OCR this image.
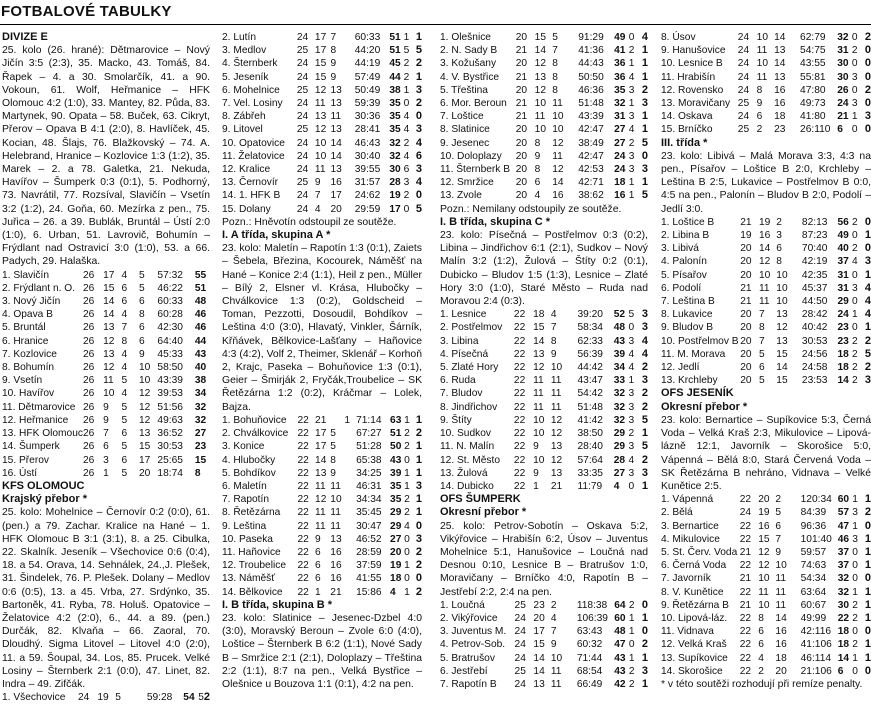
FOTBALOVÉ TABULKY
DIVIZE E
25. kolo (26. hrané): Dětmarovice – Nový Jičín 3:5 (2:3), 35. Macko, 43. Tomáš, 84. Řapek – 4. a 30. Smolarčík, 41. a 90. Vokoun, 61. Wolf, Heřmanice – HFK Olomouc 4:2 (1:0), 33. Mantey, 82. Půda, 83. Martynek, 90. Opata – 58. Buček, 63. Cikryt, Přerov – Opava B 4:1 (2:0), 8. Havlíček, 45. Kocian, 48. Šlajs, 76. Blažkovský – 74. A. Helebrand, Hranice – Kozlovice 1:3 (1:2), 35. Marek – 2. a 78. Galetka, 21. Nekuda, Havířov – Šumperk 0:3 (0:1), 5. Podhorný, 73. Navrátil, 77. Rozsíval, Slavičín – Vsetín 3:2 (1:2), 24. Goňa, 60. Mezírka z pen., 75. Juřica – 26. a 39. Bublák, Bruntál – Ústí 2:0 (1:0), 6. Urban, 51. Lavrovič, Bohumín – Frýdlant nad Ostravicí 3:0 (1:0), 53. a 66. Padych, 29. Halaška.
1. Slavičín	26	17	4	5	57:32	55
2. Frýdlant n. O.	26	15	6	5	46:22	51
3. Nový Jičín	26	14	6	6	60:33	48
4. Opava B	26	14	4	8	60:28	46
5. Bruntál	26	13	7	6	42:30	46
6. Hranice	26	12	8	6	64:40	44
7. Kozlovice	26	13	4	9	45:33	43
8. Bohumín	26	12	4	10	58:50	40
9. Vsetín	26	11	5	10	43:39	38
10. Havířov	26	10	4	12	39:53	34
11. Dětmarovice	26	9	5	12	51:56	32
12. Heřmanice	26	9	5	12	49:63	32
13. HFK Olomouc	26	7	6	13	36:52	27
14. Šumperk	26	6	5	15	30:53	23
15. Přerov	26	3	6	17	25:65	15
16. Ústí	26	1	5	20	18:74	8
KFS OLOMOUC
Krajský přebor *
25. kolo: Mohelnice – Černovír 0:2 (0:0), 61. (pen.) a 79. Zachar. Kralice na Hané – 1. HFK Olomouc B 3:1 (3:1), 8. a 25. Cibulka, 22. Skalník. Jeseník – Všechovice 0:6 (0:4), 18. a 54. Orava, 14. Sehnálek, 24.,J. Plešek, 31. Šindelek, 76. P. Plešek. Dolany – Medlov 0:6 (0:5), 13. a 45. Vrba, 27. Srdýnko, 35. Bartoněk, 41. Ryba, 78. Holuš. Opatovice – Želatovice 4:2 (2:0), 6., 44. a 89. (pen.) Durčák, 82. Klvaňa – 66. Zaoral, 70. Dloudhý. Sigma Litovel – Litovel 4:0 (2:0), 11. a 59. Šoupal, 34. Los, 85. Prucek. Velké Losiny – Šternberk 2:1 (0:0), 47. Linet, 82. Indra – 49. Zifčák.
1. Všechovice	24	19	5		59:28	54	5	2
2. Lutín	24	17	7		60:33	51	1	1
3. Medlov	25	17	8		44:20	51	5	5
4. Šternberk	24	15	9		44:19	45	2	2
5. Jeseník	24	15	9		57:49	44	2	1
6. Mohelnice	25	12	13		50:49	38	1	3
7. Vel. Losiny	24	11	13		59:39	35	0	2
8. Zábřeh	24	13	11		30:36	35	4	0
9. Litovel	25	12	13		28:41	35	4	3
10. Opatovice	24	10	14		46:43	32	2	4
11. Želatovice	24	10	14		30:40	32	4	6
12. Kralice	24	11	13		39:55	30	6	3
13. Černovír	25	9	16		31:57	28	3	4
14. 1. HFK B	24	7	17		24:62	19	2	0
15. Dolany	24	4	20		29:59	17	0	5
Pozn.: Hněvotín odstoupil ze soutěže.
I. A třída, skupina A *
23. kolo: Maletín – Rapotín 1:3 (0:1), Zaiets – Šebela, Březina, Kocourek, Náměšť na Hané – Konice 2:4 (1:1), Heil z pen., Müller – Bílý 2, Elsner vl. Krása, Hlubočky – Chválkovice 1:3 (0:2), Goldscheid – Toman, Pezzotti, Dosoudil, Bohdíkov – Leština 4:0 (3:0), Hlavatý, Vinkler, Šárník, Křňávek, Bělkovice-Lašťany – Hañovice 4:3 (4:2), Volf 2, Theimer, Sklenář – Korhoň 2, Krajc, Paseka – Bohuňovice 1:3 (0:1), Geier – Šmirják 2, Fryčák,Troubelice – SK Řetězárna 1:2 (0:2), Kráčmar – Lolek, Bajza.
1. Bohuňovice	22	21		1	71:14	63	1	1
2. Chválkovice	22	17	5		67:27	51	2	2
3. Konice	22	17	5		51:28	50	2	1
4. Hlubočky	22	14	8		65:38	43	0	1
5. Bohdíkov	22	13	9		34:25	39	1	1
6. Maletín	22	11	11		46:31	35	1	3
7. Rapotín	22	12	10		34:34	35	2	1
8. Řetězárna	22	11	11		35:45	29	2	1
9. Leština	22	11	11		30:47	29	4	0
10. Paseka	22	9	13		46:52	27	0	3
11. Hañovice	22	6	16		28:59	20	0	2
12. Troubelice	22	6	16		37:59	19	1	2
13. Náměšť	22	6	16		41:55	18	0	0
14. Bělkovice	22	1	21		15:86	4	1	2
I. B třída, skupina B *
23. kolo: Slatinice – Jesenec-Dzbel 4:0 (3:0), Moravský Beroun – Zvole 6:0 (4:0), Loštice – Šternberk B 6:2 (1:1), Nové Sady B – Smržice 2:1 (2:1), Doloplazy – Třeština 2:2 (1:1), 8:7 na pen., Velká Bystřice – Olešnice u Bouzova 1:1 (0:1), 4:2 na pen.
1. Olešnice	20	15	5		91:29	49	0	4
2. N. Sady B	21	14	7		41:36	41	2	1
3. Kožušany	20	12	8		44:43	36	1	1
4. V. Bystřice	21	13	8		50:50	36	4	1
5. Třeština	20	12	8		46:36	35	3	2
6. Mor. Beroun	21	10	11		51:48	32	1	3
7. Loštice	21	11	10		43:39	31	3	1
8. Slatinice	20	10	10		42:47	27	4	1
9. Jesenec	20	8	12		38:49	27	2	5
10. Doloplazy	20	9	11		42:47	24	3	0
11. Šternberk B	20	8	12		42:53	24	3	3
12. Smržice	20	6	14		42:71	18	1	1
13. Zvole	20	4	16		38:62	16	1	5
Pozn.: Nemilany odstoupily ze soutěže.
I. B třída, skupina C *
23. kolo: Písečná – Postřelmov 0:3 (0:2), Libina – Jindřichov 6:1 (2:1), Sudkov – Nový Malín 3:2 (1:2), Žulová – Štíty 0:2 (0:1), Dubicko – Bludov 1:5 (1:3), Lesnice – Zlaté Hory 3:0 (1:0), Staré Město – Ruda nad Moravou 2:4 (0:3).
1. Lesnice	22	18	4		39:20	52	5	3
2. Postřelmov	22	15	7		58:34	48	0	3
3. Libina	22	14	8		62:33	43	3	4
4. Písečná	22	13	9		56:39	39	4	4
5. Zlaté Hory	22	12	10		44:42	34	4	2
6. Ruda	22	11	11		43:47	33	1	3
7. Bludov	22	11	11		54:42	32	3	2
8. Jindřichov	22	11	11		51:48	32	3	2
9. Štíty	22	10	12		41:42	32	3	5
10. Sudkov	22	10	12		38:50	29	2	1
11. N. Malín	22	9	13		28:40	29	3	5
12. St. Město	22	10	12		57:64	28	4	2
13. Žulová	22	9	13		33:35	27	3	3
14. Dubicko	22	1	21		11:79	4	0	1
OFS ŠUMPERK
Okresní přebor *
25. kolo: Petrov-Sobotín – Oskava 5:2, Vikýřovice – Hrabišín 6:2, Úsov – Juventus Mohelnice 5:1, Hanušovice – Loučná nad Desnou 0:10, Lesnice B – Bratrušov 1:0, Moravičany – Brníčko 4:0, Rapotín B – Jestřebí 2:2, 2:4 na pen.
1. Loučná	25	23	2		118:38	64	2	0
2. Vikýřovice	24	20	4		106:39	60	1	1
3. Juventus M.	24	17	7		63:43	48	1	0
4. Petrov-Sob.	24	15	9		60:32	47	0	2
5. Bratrušov	24	14	10		71:44	43	1	1
6. Jestřebí	25	14	11		68:54	43	2	3
7. Rapotín B	24	13	11		66:49	42	2	1
8. Úsov	24	10	14		62:79	32	0	2
9. Hanušovice	24	11	13		54:75	31	2	0
10. Lesnice B	24	10	14		43:55	30	0	0
11. Hrabišín	24	11	13		55:81	30	3	0
12. Rovensko	24	8	16		47:80	26	0	2
13. Moravičany	25	9	16		49:73	24	3	0
14. Oskava	24	6	18		41:80	21	1	3
15. Brníčko	25	2	23		26:110	6	0	0
III. třída *
23. kolo: Libivá – Malá Morava 3:3, 4:3 na pen., Písařov – Loštice B 2:0, Krchleby – Leština B 2:5, Lukavice – Postřelmov B 0:0, 4:5 na pen., Palonín – Bludov B 2:0, Podolí – Jedlí 3:0.
1. Loštice B	21	19	2		82:13	56	2	0
2. Libina B	19	16	3		87:23	49	0	1
3. Libivá	20	14	6		70:40	40	2	0
4. Palonín	20	12	8		42:19	37	4	3
5. Písařov	20	10	10		42:35	31	0	1
6. Podolí	21	11	10		45:37	31	3	4
7. Leština B	21	11	10		44:50	29	0	4
8. Lukavice	20	7	13		28:42	24	1	4
9. Bludov B	20	8	12		40:42	23	0	1
10. Postřelmov B	20	7	13		30:53	23	2	2
11. M. Morava	20	5	15		24:56	18	2	5
12. Jedlí	20	6	14		24:58	18	2	2
13. Krchleby	20	5	15		23:53	14	2	3
OFS JESENÍK
Okresní přebor *
23. kolo: Bernartice – Supíkovice 5:3, Černá Voda – Velká Kraš 2:3, Mikulovice – Lipová-lázně 12:1, Javorník – Skorošice 5:0, Vápenná – Bělá 8:0, Stará Červená Voda – SK Řetězárna B nehráno, Vidnava – Velké Kunětice 2:5.
1. Vápenná	22	20	2		120:34	60	1	1
2. Bělá	24	19	5		84:39	57	3	2
3. Bernartice	22	16	6		96:36	47	1	0
4. Mikulovice	22	15	7		101:40	46	3	1
5. St. Červ. Voda	21	12	9		59:57	37	0	1
6. Černá Voda	22	12	10		74:63	37	0	1
7. Javorník	21	10	11		54:34	32	0	0
8. V. Kunětice	22	11	11		63:64	32	1	1
9. Řetězárna B	21	10	11		60:67	30	2	1
10. Lipová-láz.	22	8	14		49:99	22	2	1
11. Vidnava	22	6	16		42:116	18	0	0
12. Velká Kraš	22	6	16		41:106	18	2	1
13. Supíkovice	22	4	18		46:114	14	1	1
14. Skorošice	22	2	20		21:106	6	0	0
* v této soutěži rozhodují při remíze penalty.
